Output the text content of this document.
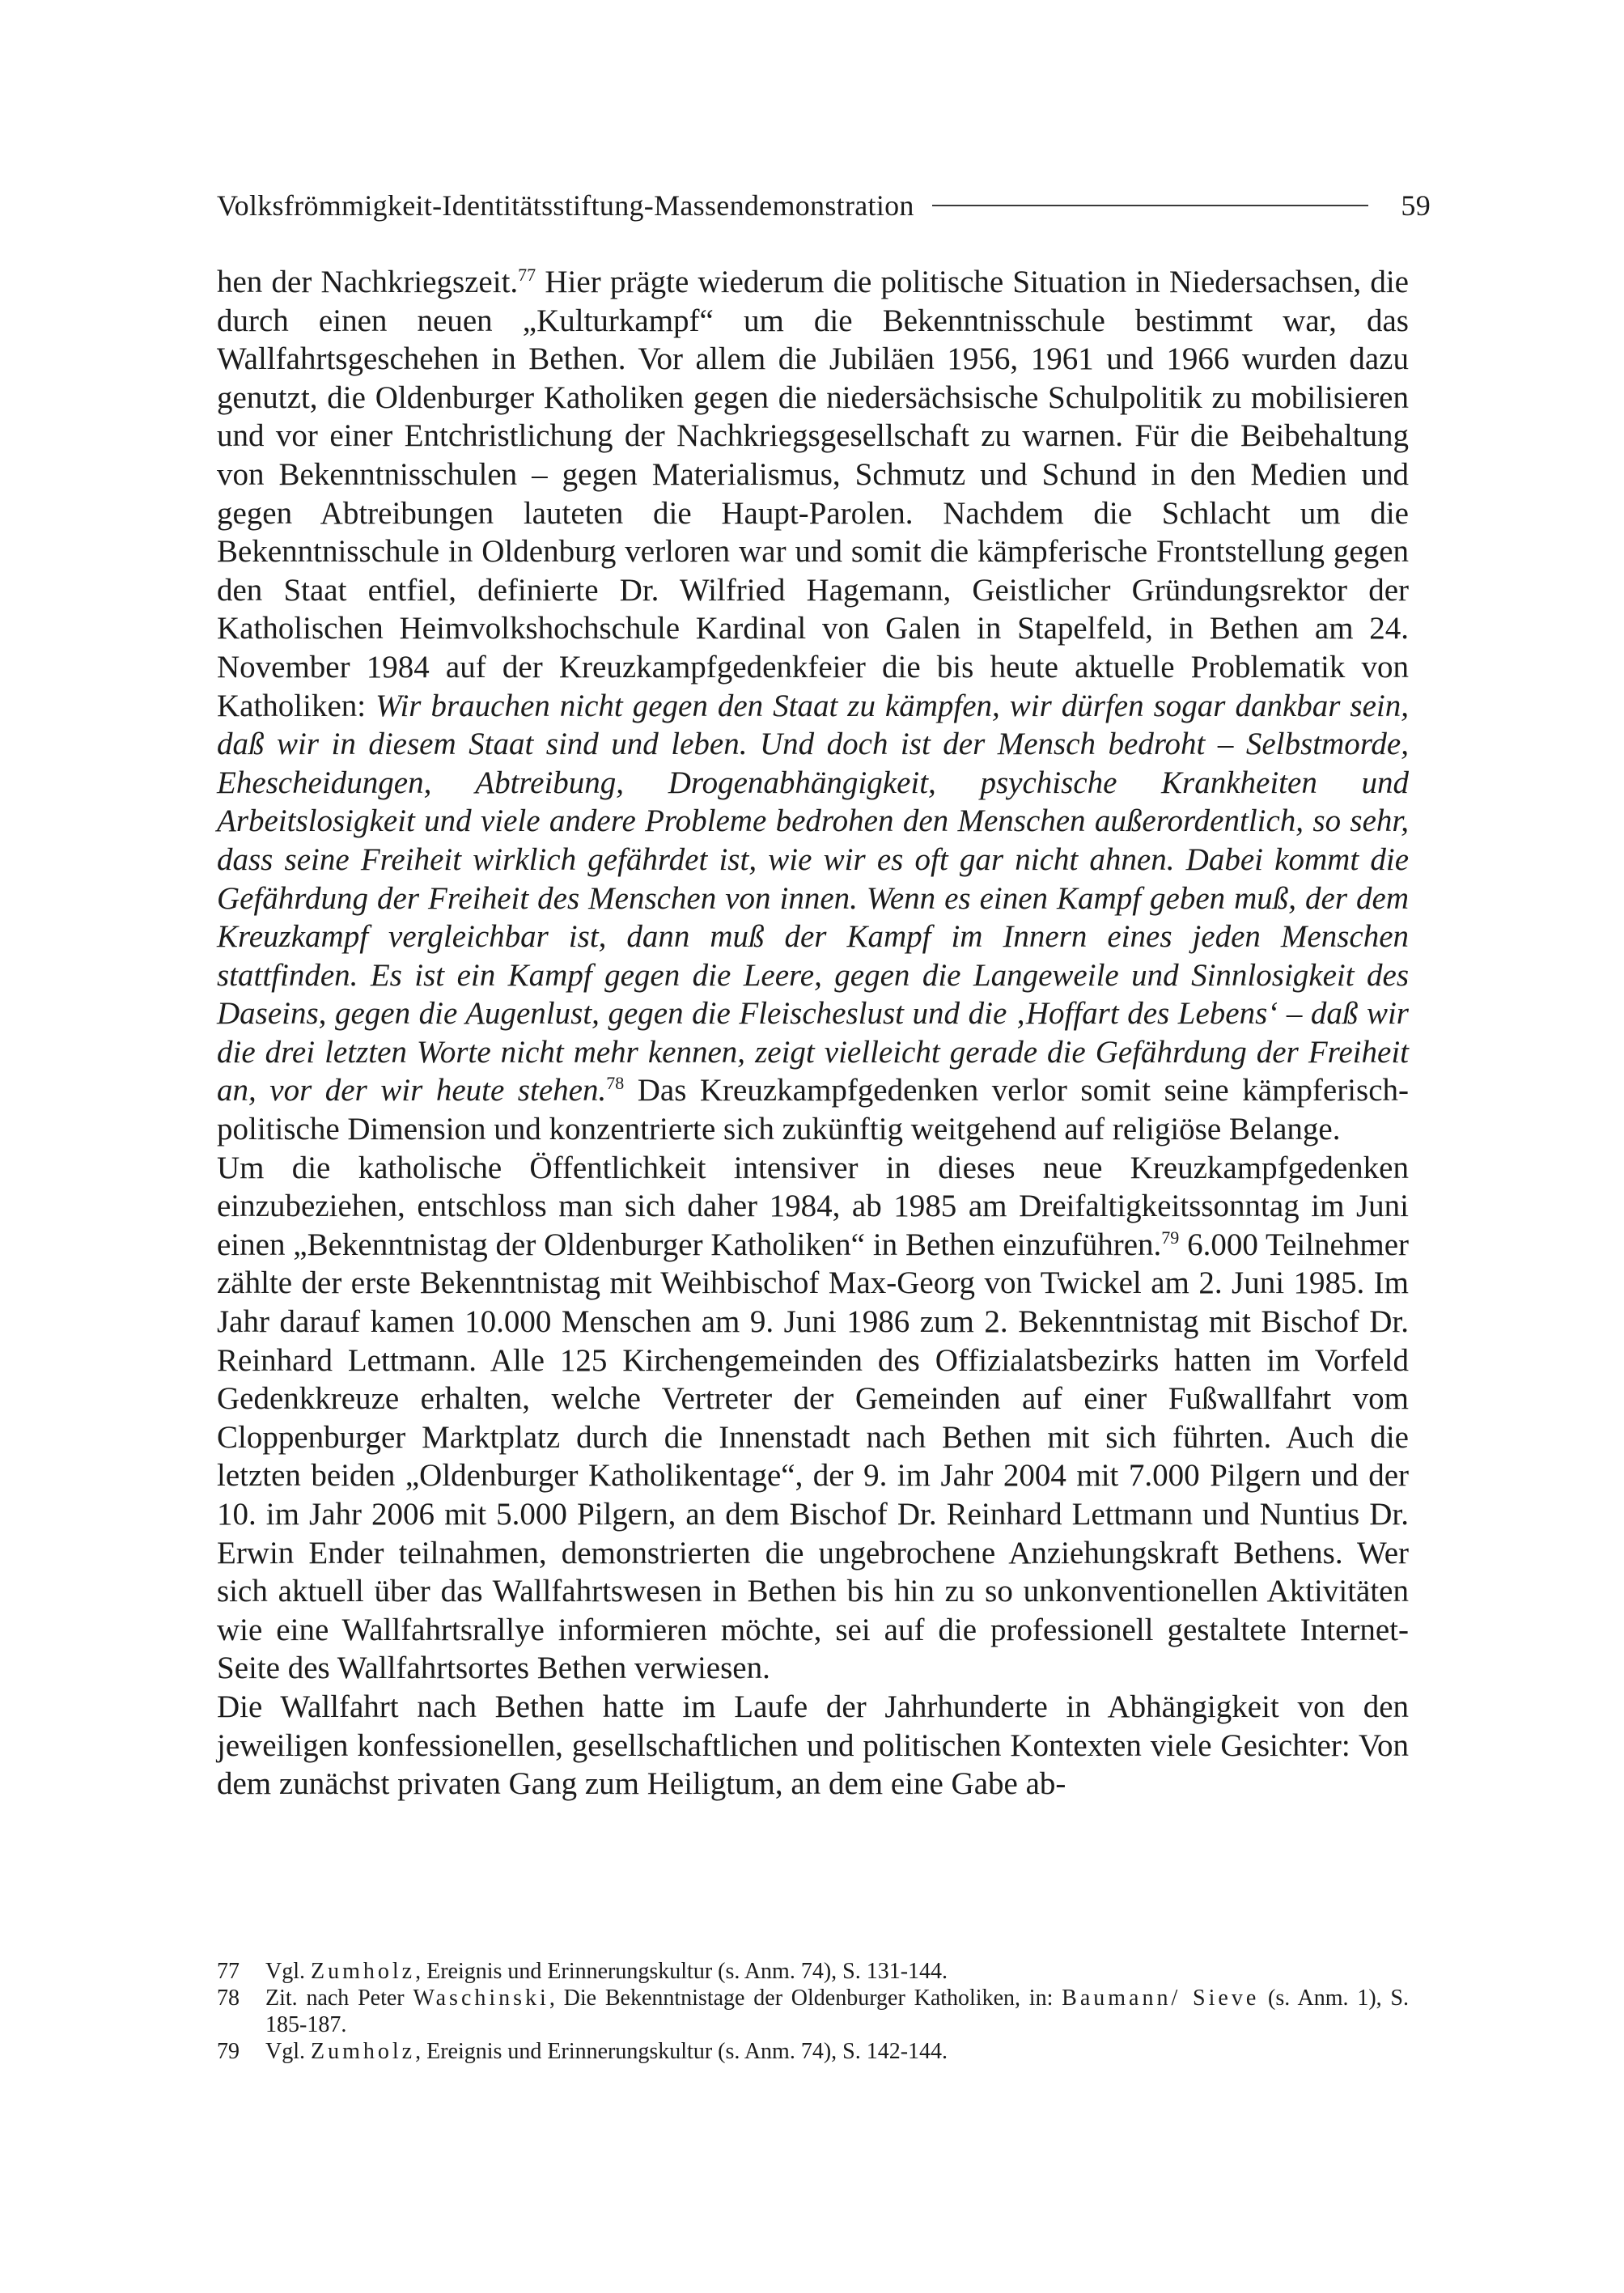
Volksfrömmigkeit-Identitätsstiftung-Massendemonstration	59

hen der Nachkriegszeit.$^{77}$ Hier prägte wiederum die politische Situation in Niedersachsen, die durch einen neuen „Kulturkampf“ um die Bekenntnisschule bestimmt war, das Wallfahrtsgeschehen in Bethen. Vor allem die Jubiläen 1956, 1961 und 1966 wurden dazu genutzt, die Oldenburger Katholiken gegen die niedersächsische Schulpolitik zu mobilisieren und vor einer Entchristlichung der Nachkriegsgesellschaft zu warnen. Für die Beibehaltung von Bekenntnisschulen – gegen Materialismus, Schmutz und Schund in den Medien und gegen Abtreibungen lauteten die Haupt-Parolen. Nachdem die Schlacht um die Bekenntnisschule in Oldenburg verloren war und somit die kämpferische Frontstellung gegen den Staat entfiel, definierte Dr. Wilfried Hagemann, Geistlicher Gründungsrektor der Katholischen Heimvolkshochschule Kardinal von Galen in Stapelfeld, in Bethen am 24. November 1984 auf der Kreuzkampfgedenkfeier die bis heute aktuelle Problematik von Katholiken: Wir brauchen nicht gegen den Staat zu kämpfen, wir dürfen sogar dankbar sein, daß wir in diesem Staat sind und leben. Und doch ist der Mensch bedroht – Selbstmorde, Ehescheidungen, Abtreibung, Drogenabhängigkeit, psychische Krankheiten und Arbeitslosigkeit und viele andere Probleme bedrohen den Menschen außerordentlich, so sehr, dass seine Freiheit wirklich gefährdet ist, wie wir es oft gar nicht ahnen. Dabei kommt die Gefährdung der Freiheit des Menschen von innen. Wenn es einen Kampf geben muß, der dem Kreuzkampf vergleichbar ist, dann muß der Kampf im Innern eines jeden Menschen stattfinden. Es ist ein Kampf gegen die Leere, gegen die Langeweile und Sinnlosigkeit des Daseins, gegen die Augenlust, gegen die Fleischeslust und die ‚Hoffart des Lebens‘ – daß wir die drei letzten Worte nicht mehr kennen, zeigt vielleicht gerade die Gefährdung der Freiheit an, vor der wir heute stehen.$^{78}$ Das Kreuzkampfgedenken verlor somit seine kämpferisch-politische Dimension und konzentrierte sich zukünftig weitgehend auf religiöse Belange.

Um die katholische Öffentlichkeit intensiver in dieses neue Kreuzkampfgedenken einzubeziehen, entschloss man sich daher 1984, ab 1985 am Dreifaltigkeitssonntag im Juni einen „Bekenntnistag der Oldenburger Katholiken“ in Bethen einzuführen.$^{79}$ 6.000 Teilnehmer zählte der erste Bekenntnistag mit Weihbischof Max-Georg von Twickel am 2. Juni 1985. Im Jahr darauf kamen 10.000 Menschen am 9. Juni 1986 zum 2. Bekenntnistag mit Bischof Dr. Reinhard Lettmann. Alle 125 Kirchengemeinden des Offizialatsbezirks hatten im Vorfeld Gedenkkreuze erhalten, welche Vertreter der Gemeinden auf einer Fußwallfahrt vom Cloppenburger Marktplatz durch die Innenstadt nach Bethen mit sich führten. Auch die letzten beiden „Oldenburger Katholikentage“, der 9. im Jahr 2004 mit 7.000 Pilgern und der 10. im Jahr 2006 mit 5.000 Pilgern, an dem Bischof Dr. Reinhard Lettmann und Nuntius Dr. Erwin Ender teilnahmen, demonstrierten die ungebrochene Anziehungskraft Bethens. Wer sich aktuell über das Wallfahrtswesen in Bethen bis hin zu so unkonventionellen Aktivitäten wie eine Wallfahrtsrallye informieren möchte, sei auf die professionell gestaltete Internet-Seite des Wallfahrtsortes Bethen verwiesen.

Die Wallfahrt nach Bethen hatte im Laufe der Jahrhunderte in Abhängigkeit von den jeweiligen konfessionellen, gesellschaftlichen und politischen Kontexten viele Gesichter: Von dem zunächst privaten Gang zum Heiligtum, an dem eine Gabe ab-

77	Vgl. Zumholz, Ereignis und Erinnerungskultur (s. Anm. 74), S. 131-144.
78	Zit. nach Peter Waschinski, Die Bekenntnistage der Oldenburger Katholiken, in: Baumann/ Sieve (s. Anm. 1), S. 185-187.
79	Vgl. Zumholz, Ereignis und Erinnerungskultur (s. Anm. 74), S. 142-144.
